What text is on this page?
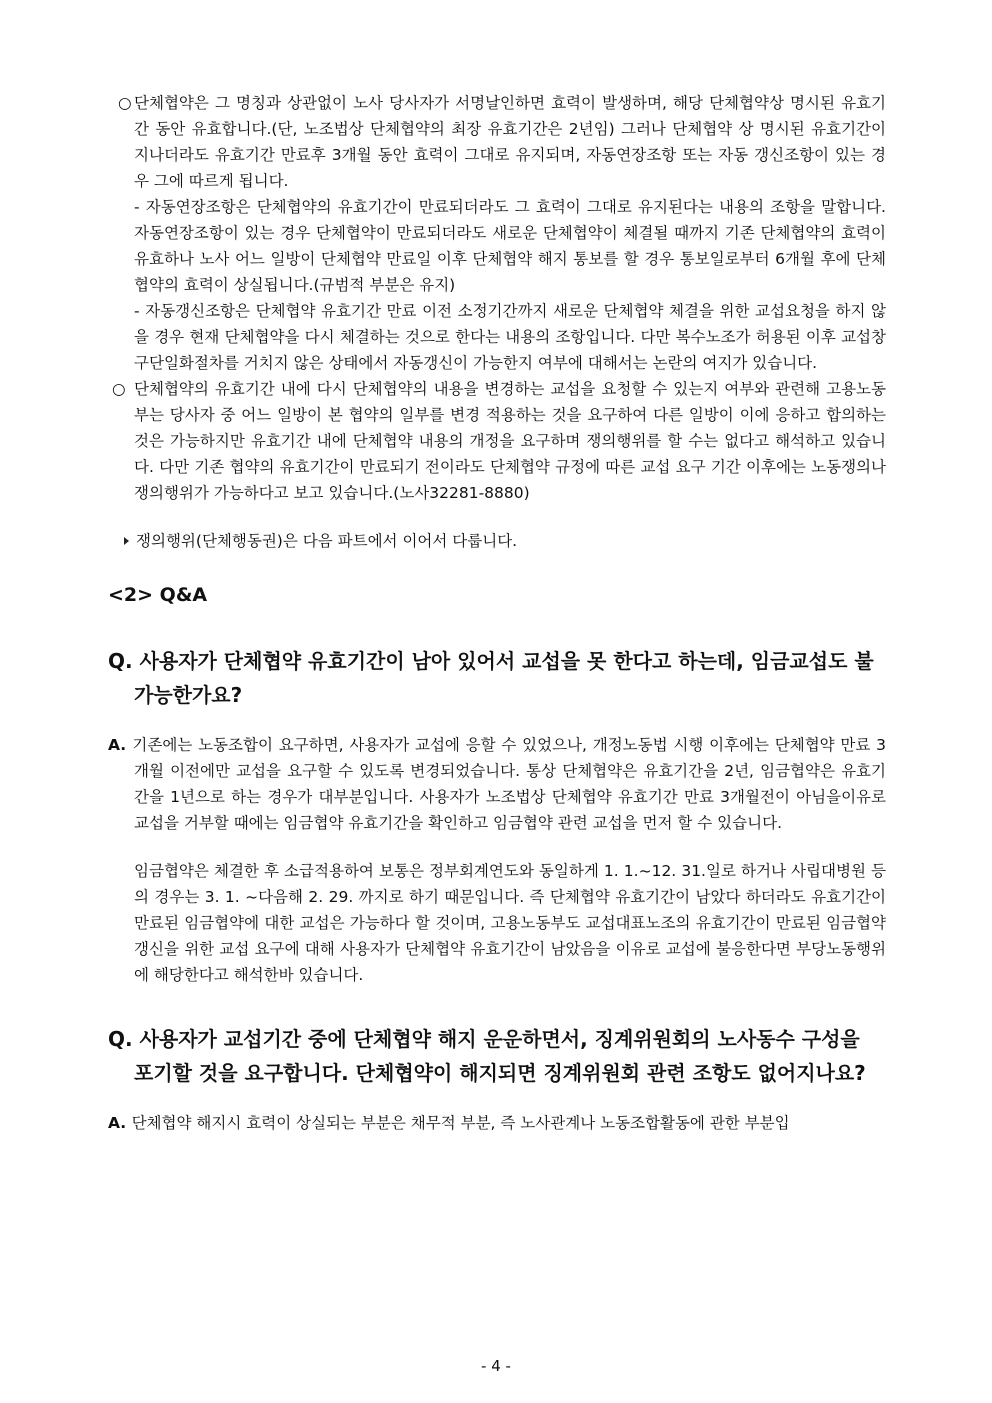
○ 단체협약은 그 명칭과 상관없이 노사 당사자가 서명날인하면 효력이 발생하며, 해당 단체협약상 명시된 유효기간 동안 유효합니다.(단, 노조법상 단체협약의 최장 유효기간은 2년임) 그러나 단체협약 상 명시된 유효기간이 지나더라도 유효기간 만료후 3개월 동안 효력이 그대로 유지되며, 자동연장조항 또는 자동 갱신조항이 있는 경우 그에 따르게 됩니다.
- 자동연장조항은 단체협약의 유효기간이 만료되더라도 그 효력이 그대로 유지된다는 내용의 조항을 말합니다. 자동연장조항이 있는 경우 단체협약이 만료되더라도 새로운 단체협약이 체결될 때까지 기존 단체협약의 효력이 유효하나 노사 어느 일방이 단체협약 만료일 이후 단체협약 해지 통보를 할 경우 통보일로부터 6개월 후에 단체협약의 효력이 상실됩니다.(규범적 부분은 유지)
- 자동갱신조항은 단체협약 유효기간 만료 이전 소정기간까지 새로운 단체협약 체결을 위한 교섭요청을 하지 않을 경우 현재 단체협약을 다시 체결하는 것으로 한다는 내용의 조항입니다. 다만 복수노조가 허용된 이후 교섭창구단일화절차를 거치지 않은 상태에서 자동갱신이 가능한지 여부에 대해서는 논란의 여지가 있습니다.
○ 단체협약의 유효기간 내에 다시 단체협약의 내용을 변경하는 교섭을 요청할 수 있는지 여부와 관련해 고용노동부는 당사자 중 어느 일방이 본 협약의 일부를 변경 적용하는 것을 요구하여 다른 일방이 이에 응하고 합의하는 것은 가능하지만 유효기간 내에 단체협약 내용의 개정을 요구하며 쟁의행위를 할 수는 없다고 해석하고 있습니다. 다만 기존 협약의 유효기간이 만료되기 전이라도 단체협약 규정에 따른 교섭 요구 기간 이후에는 노동쟁의나 쟁의행위가 가능하다고 보고 있습니다.(노사32281-8880)
쟁의행위(단체행동권)은 다음 파트에서 이어서 다룹니다.
<2> Q&A
Q. 사용자가 단체협약 유효기간이 남아 있어서 교섭을 못 한다고 하는데, 임금교섭도 불가능한가요?
A. 기존에는 노동조합이 요구하면, 사용자가 교섭에 응할 수 있었으나, 개정노동법 시행 이후에는 단체협약 만료 3개월 이전에만 교섭을 요구할 수 있도록 변경되었습니다. 통상 단체협약은 유효기간을 2년, 임금협약은 유효기간을 1년으로 하는 경우가 대부분입니다. 사용자가 노조법상 단체협약 유효기간 만료 3개월전이 아님을이유로 교섭을 거부할 때에는 임금협약 유효기간을 확인하고 임금협약 관련 교섭을 먼저 할 수 있습니다.
임금협약은 체결한 후 소급적용하여 보통은 정부회계연도와 동일하게 1. 1.~12. 31.일로 하거나 사립대병원 등의 경우는 3. 1. ~다음해 2. 29. 까지로 하기 때문입니다. 즉 단체협약 유효기간이 남았다 하더라도 유효기간이 만료된 임금협약에 대한 교섭은 가능하다 할 것이며, 고용노동부도 교섭대표노조의 유효기간이 만료된 임금협약 갱신을 위한 교섭 요구에 대해 사용자가 단체협약 유효기간이 남았음을 이유로 교섭에 불응한다면 부당노동행위에 해당한다고 해석한바 있습니다.
Q. 사용자가 교섭기간 중에 단체협약 해지 운운하면서, 징계위원회의 노사동수 구성을 포기할 것을 요구합니다. 단체협약이 해지되면 징계위원회 관련 조항도 없어지나요?
A. 단체협약 해지시 효력이 상실되는 부분은 채무적 부분, 즉 노사관계나 노동조합활동에 관한 부분입
- 4 -
